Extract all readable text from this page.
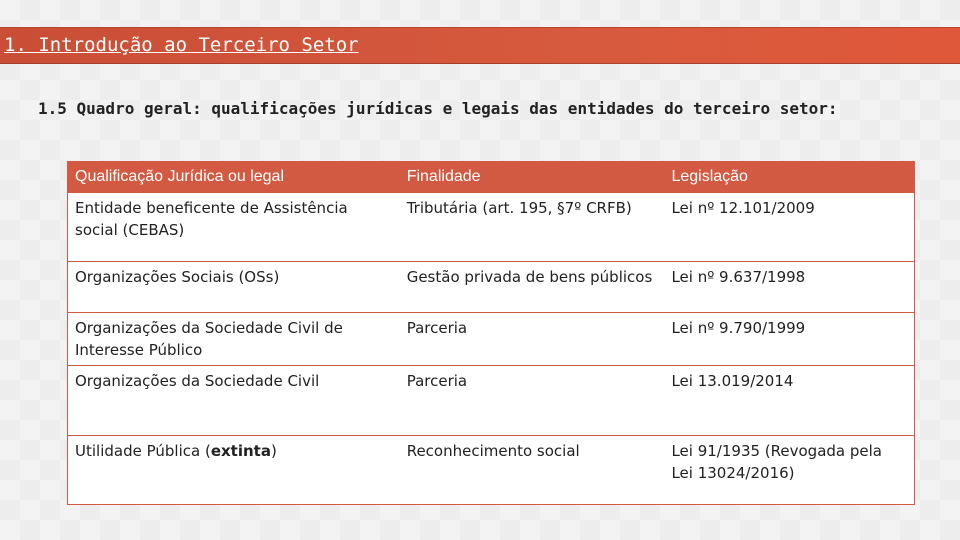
1. Introdução ao Terceiro Setor
1.5 Quadro geral: qualificações jurídicas e legais das entidades do terceiro setor:
Qualificação Jurídica ou legal	Finalidade	Legislação
Entidade beneficente de Assistência social (CEBAS)	Tributária (art. 195, §7º CRFB)	Lei nº 12.101/2009
Organizações Sociais (OSs)	Gestão privada de bens públicos	Lei nº 9.637/1998
Organizações da Sociedade Civil de Interesse Público	Parceria	Lei nº 9.790/1999
Organizações da Sociedade Civil	Parceria	Lei 13.019/2014
Utilidade Pública (extinta)	Reconhecimento social	Lei 91/1935 (Revogada pela Lei 13024/2016)
